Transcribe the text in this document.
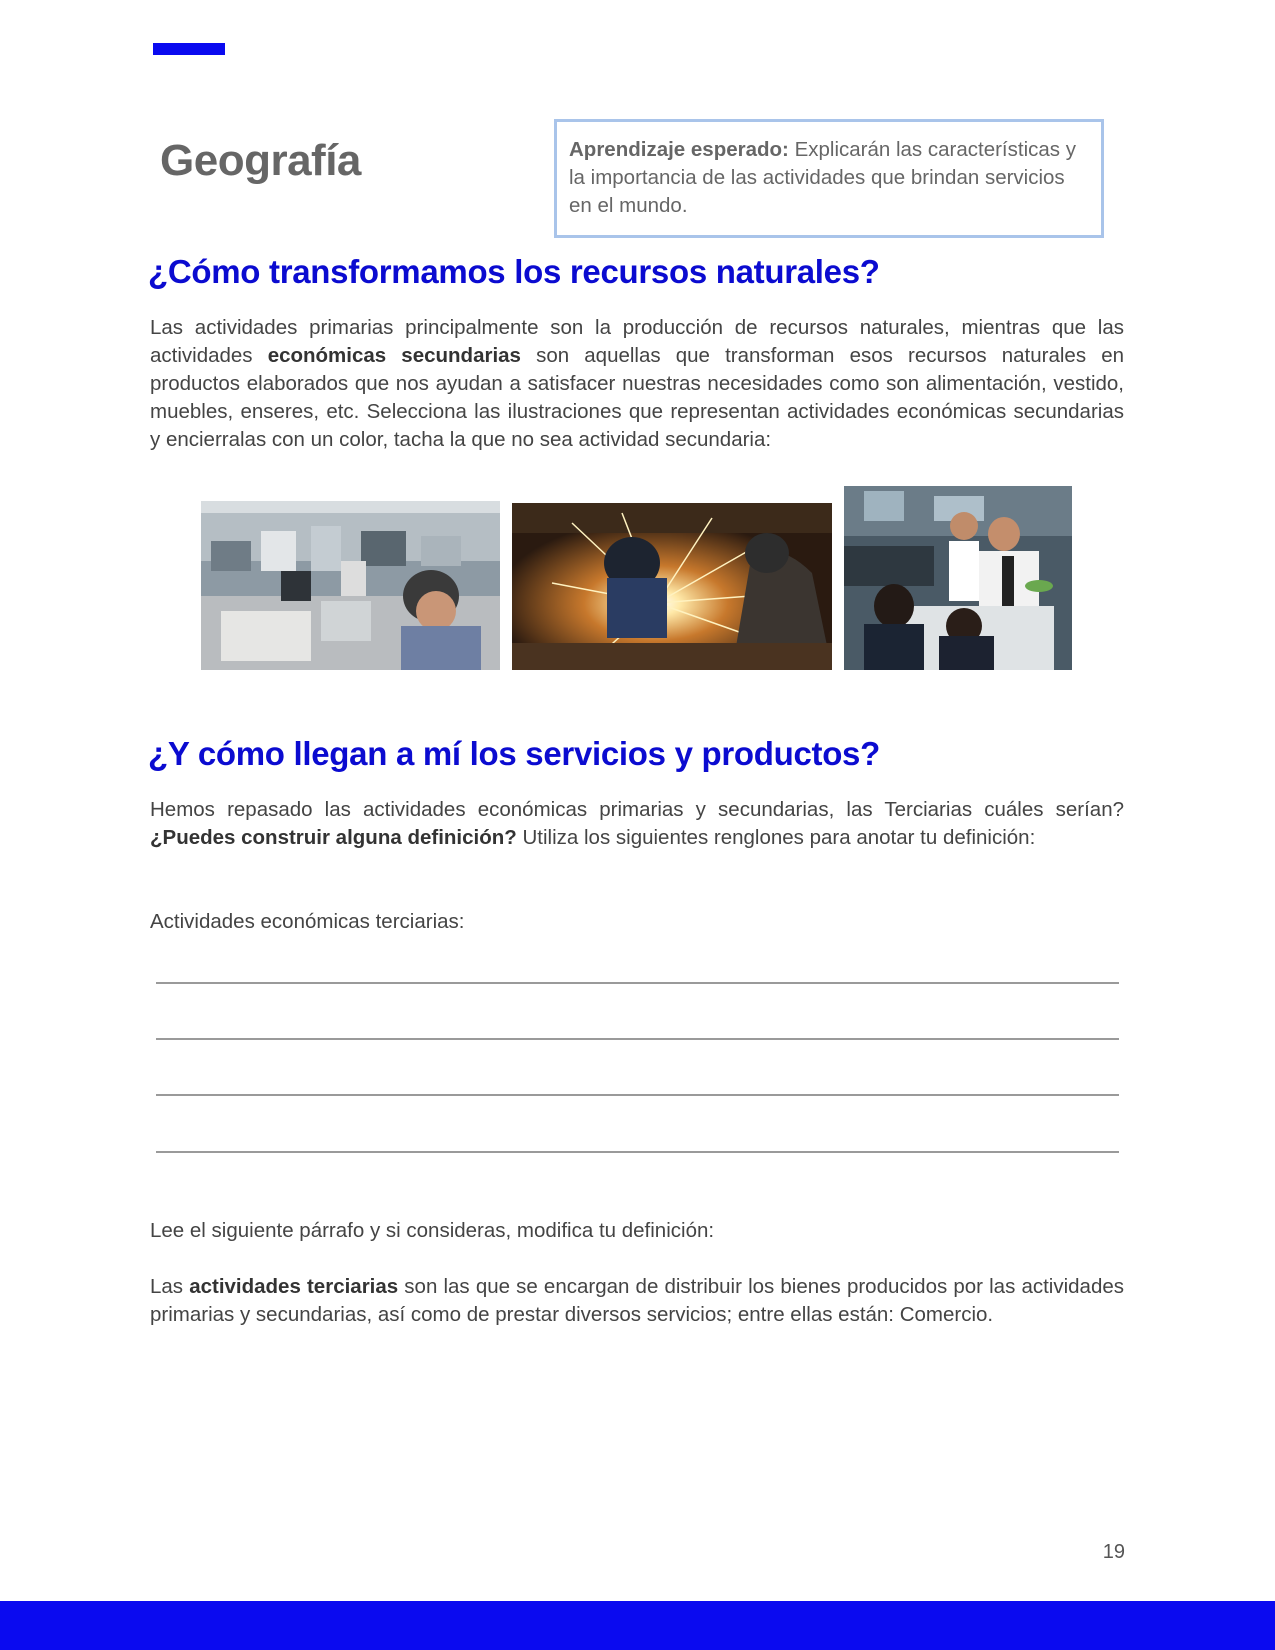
Geografía	Aprendizaje esperado: Explicarán las características y la importancia de las actividades que brindan servicios en el mundo.
¿Cómo transformamos los recursos naturales?

Las actividades primarias principalmente son la producción de recursos naturales, mientras que las actividades económicas secundarias son aquellas que transforman esos recursos naturales en productos elaborados que nos ayudan a satisfacer nuestras necesidades como son alimentación, vestido, muebles, enseres, etc. Selecciona las ilustraciones que representan actividades económicas secundarias y encierralas con un color, tacha la que no sea actividad secundaria:

¿Y cómo llegan a mí los servicios y productos?

Hemos repasado las actividades económicas primarias y secundarias, las Terciarias cuáles serían? ¿Puedes construir alguna definición? Utiliza los siguientes renglones para anotar tu definición:

Actividades económicas terciarias:

Lee el siguiente párrafo y si consideras, modifica tu definición:

Las actividades terciarias son las que se encargan de distribuir los bienes producidos por las actividades primarias y secundarias, así como de prestar diversos servicios; entre ellas están: Comercio.

19
